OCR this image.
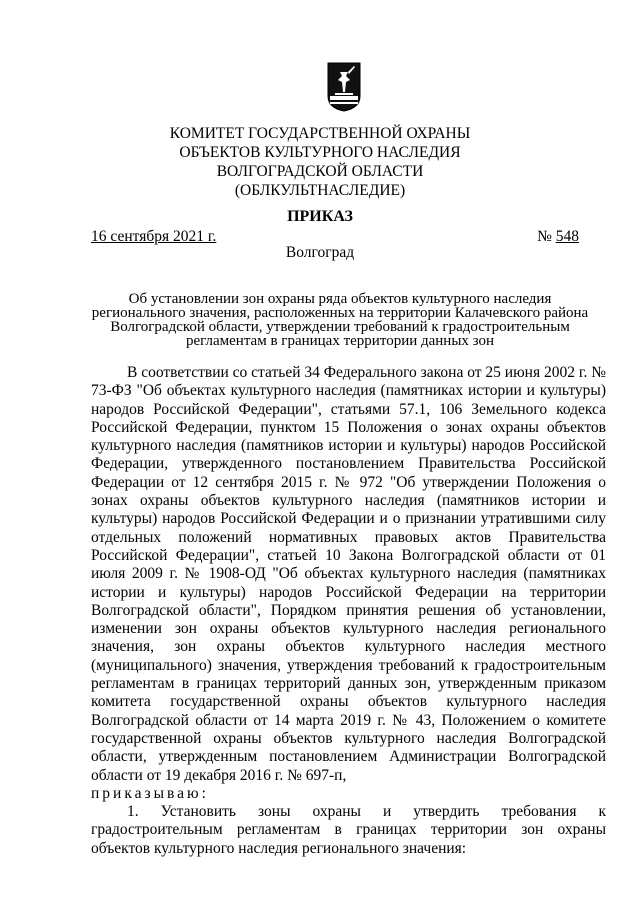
КОМИТЕТ ГОСУДАРСТВЕННОЙ ОХРАНЫ
ОБЪЕКТОВ КУЛЬТУРНОГО НАСЛЕДИЯ
ВОЛГОГРАДСКОЙ ОБЛАСТИ
(ОБЛКУЛЬТНАСЛЕДИЕ)
ПРИКАЗ
16 сентября 2021 г.	№ 548
Волгоград
Об установлении зон охраны ряда объектов культурного наследия
регионального значения, расположенных на территории Калачевского района
Волгоградской области, утверждении требований к градостроительным
регламентам в границах территории данных зон

В соответствии со статьей 34 Федерального закона от 25 июня 2002 г. № 73-ФЗ "Об объектах культурного наследия (памятниках истории и культуры) народов Российской Федерации", статьями 57.1, 106 Земельного кодекса Российской Федерации, пунктом 15 Положения о зонах охраны объектов культурного наследия (памятников истории и культуры) народов Российской Федерации, утвержденного постановлением Правительства Российской Федерации от 12 сентября 2015 г. № 972 "Об утверждении Положения о зонах охраны объектов культурного наследия (памятников истории и культуры) народов Российской Федерации и о признании утратившими силу отдельных положений нормативных правовых актов Правительства Российской Федерации", статьей 10 Закона Волгоградской области от 01 июля 2009 г. № 1908-ОД "Об объектах культурного наследия (памятниках истории и культуры) народов Российской Федерации на территории Волгоградской области", Порядком принятия решения об установлении, изменении зон охраны объектов культурного наследия регионального значения, зон охраны объектов культурного наследия местного (муниципального) значения, утверждения требований к градостроительным регламентам в границах территорий данных зон, утвержденным приказом комитета государственной охраны объектов культурного наследия Волгоградской области от 14 марта 2019 г. № 43, Положением о комитете государственной охраны объектов культурного наследия Волгоградской области, утвержденным постановлением Администрации Волгоградской области от 19 декабря 2016 г. № 697-п,

приказываю:

1. Установить зоны охраны и утвердить требования к градостроительным регламентам в границах территории зон охраны объектов культурного наследия регионального значения:
